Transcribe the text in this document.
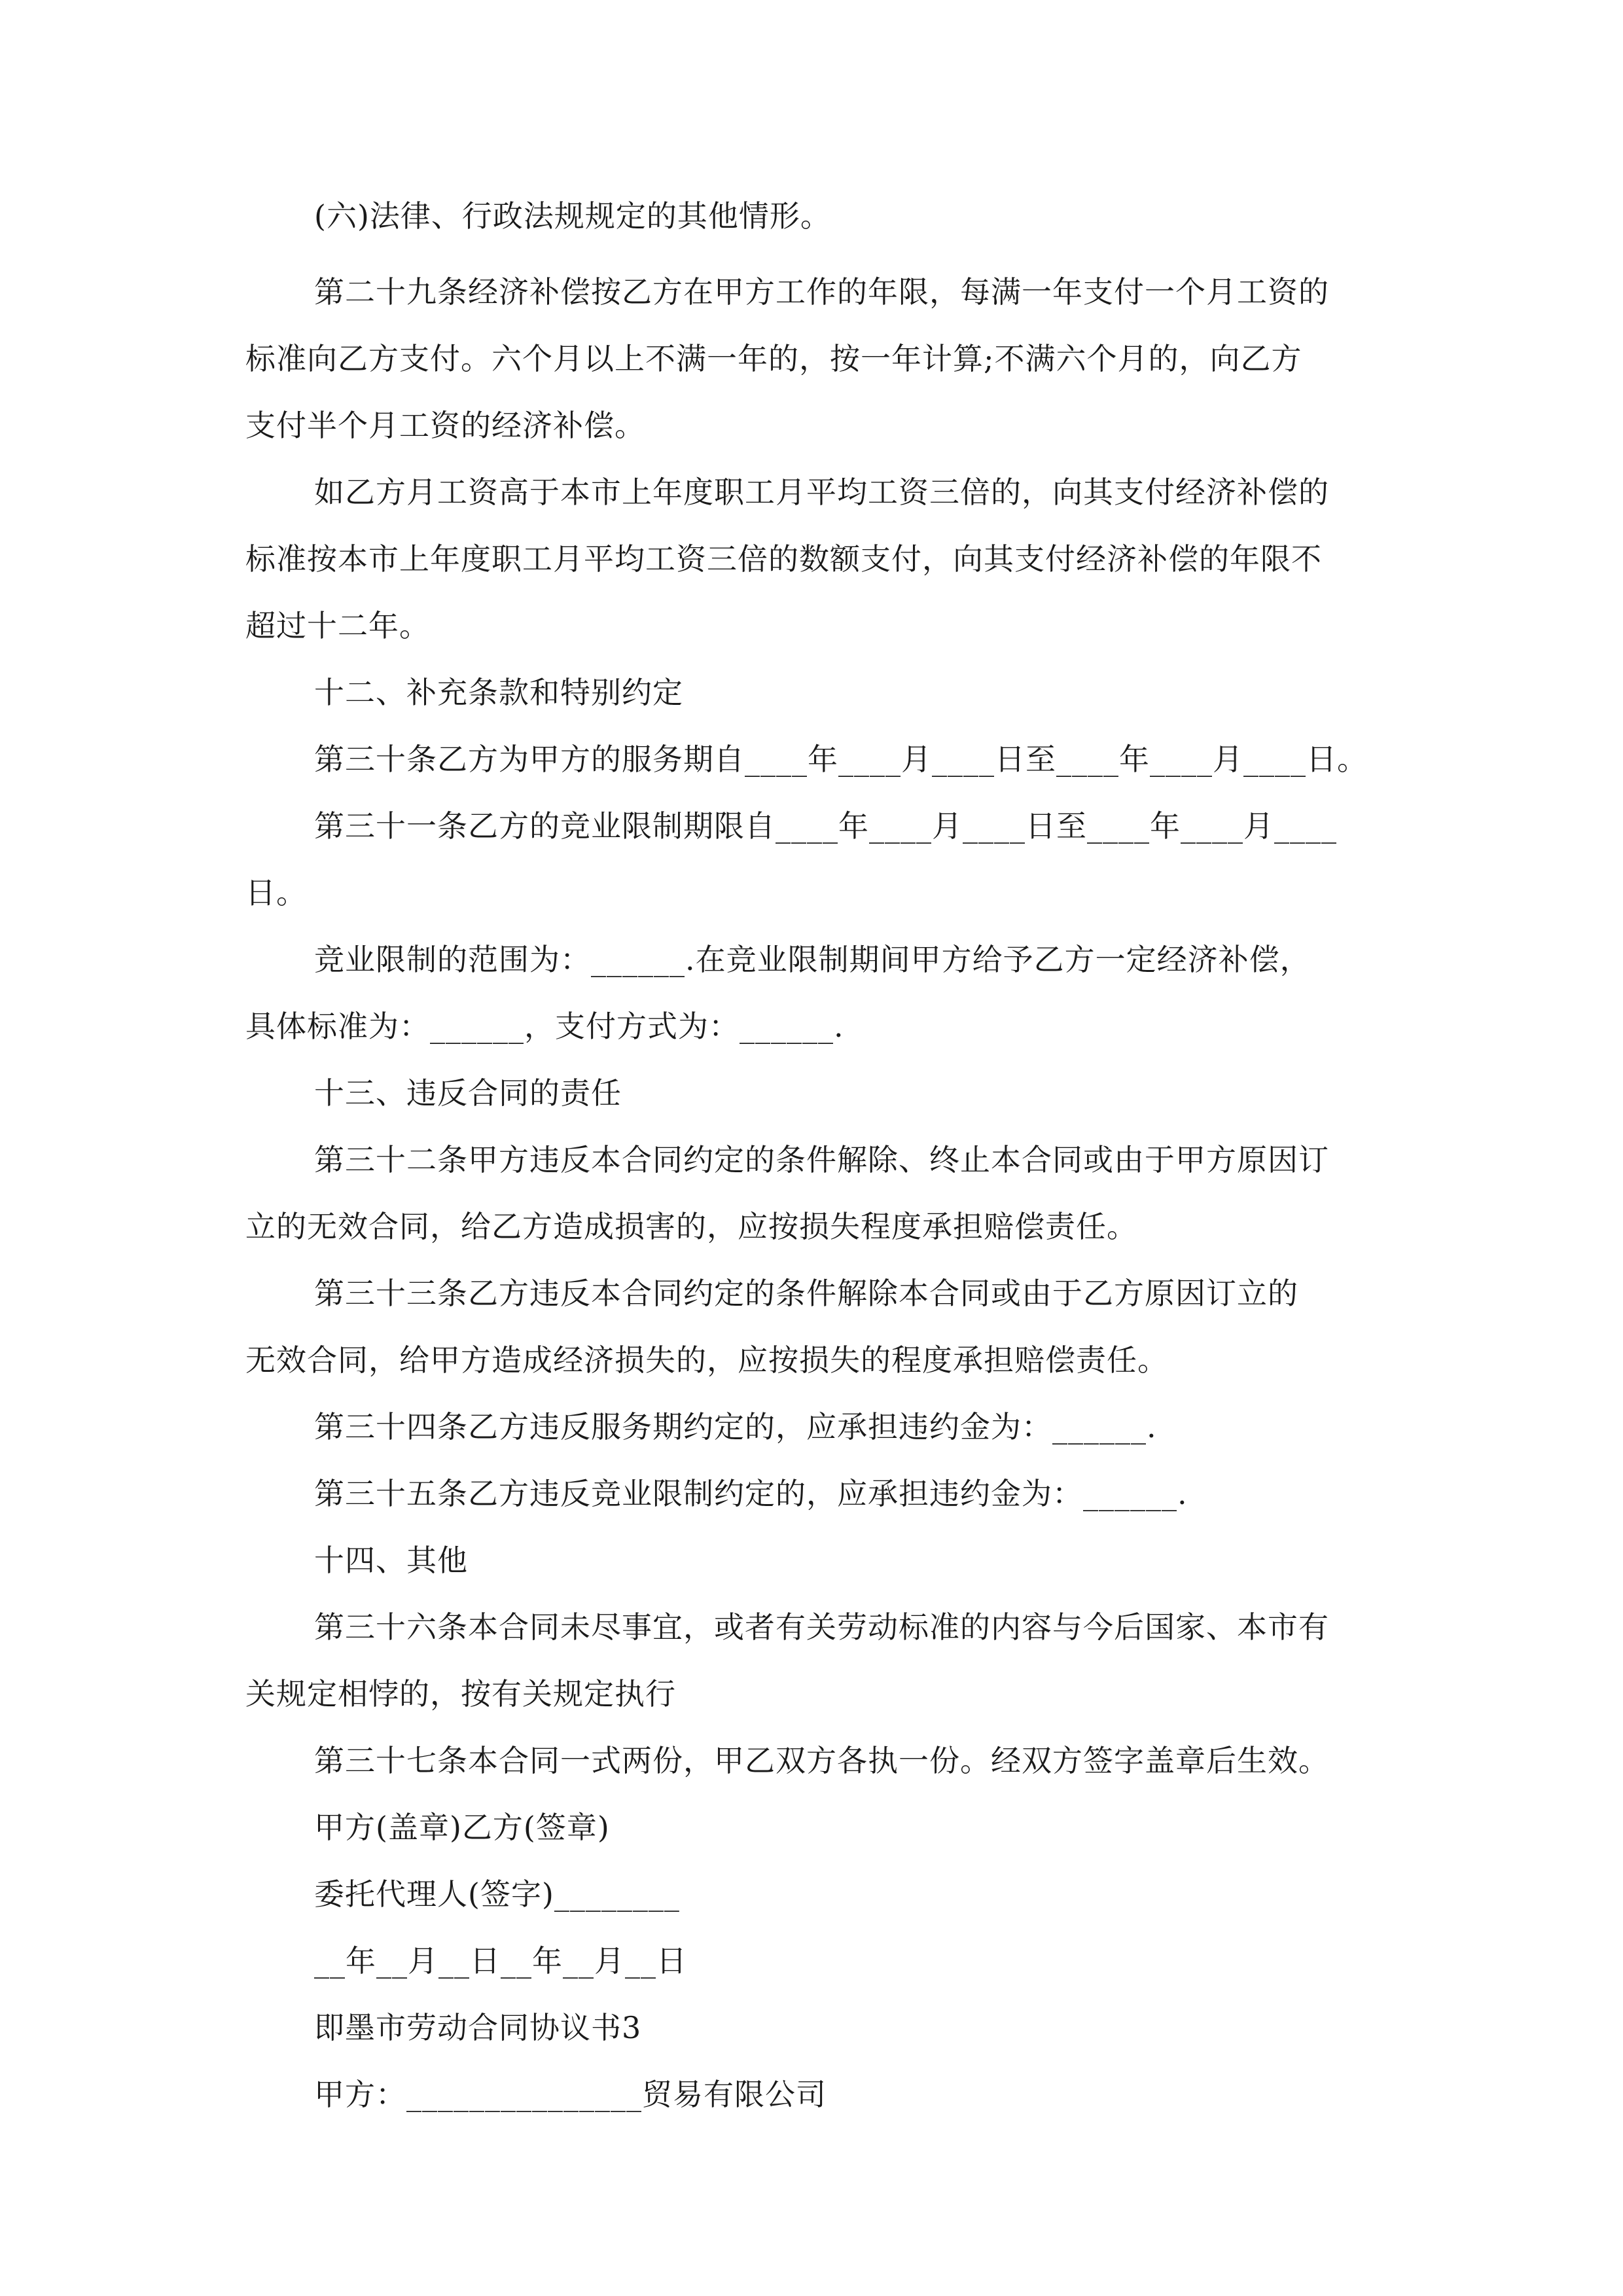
(六)法律、行政法规规定的其他情形。
第二十九条经济补偿按乙方在甲方工作的年限，每满一年支付一个月工资的
标准向乙方支付。六个月以上不满一年的，按一年计算;不满六个月的，向乙方
支付半个月工资的经济补偿。
如乙方月工资高于本市上年度职工月平均工资三倍的，向其支付经济补偿的
标准按本市上年度职工月平均工资三倍的数额支付，向其支付经济补偿的年限不
超过十二年。
十二、补充条款和特别约定
第三十条乙方为甲方的服务期自____年____月____日至____年____月____日。
第三十一条乙方的竞业限制期限自____年____月____日至____年____月____
日。
竞业限制的范围为：______.在竞业限制期间甲方给予乙方一定经济补偿，
具体标准为：______，支付方式为：______.
十三、违反合同的责任
第三十二条甲方违反本合同约定的条件解除、终止本合同或由于甲方原因订
立的无效合同，给乙方造成损害的，应按损失程度承担赔偿责任。
第三十三条乙方违反本合同约定的条件解除本合同或由于乙方原因订立的
无效合同，给甲方造成经济损失的，应按损失的程度承担赔偿责任。
第三十四条乙方违反服务期约定的，应承担违约金为：______.
第三十五条乙方违反竞业限制约定的，应承担违约金为：______.
十四、其他
第三十六条本合同未尽事宜，或者有关劳动标准的内容与今后国家、本市有
关规定相悖的，按有关规定执行
第三十七条本合同一式两份，甲乙双方各执一份。经双方签字盖章后生效。
甲方(盖章)乙方(签章)
委托代理人(签字)________
__年__月__日__年__月__日
即墨市劳动合同协议书3
甲方：_______________贸易有限公司
